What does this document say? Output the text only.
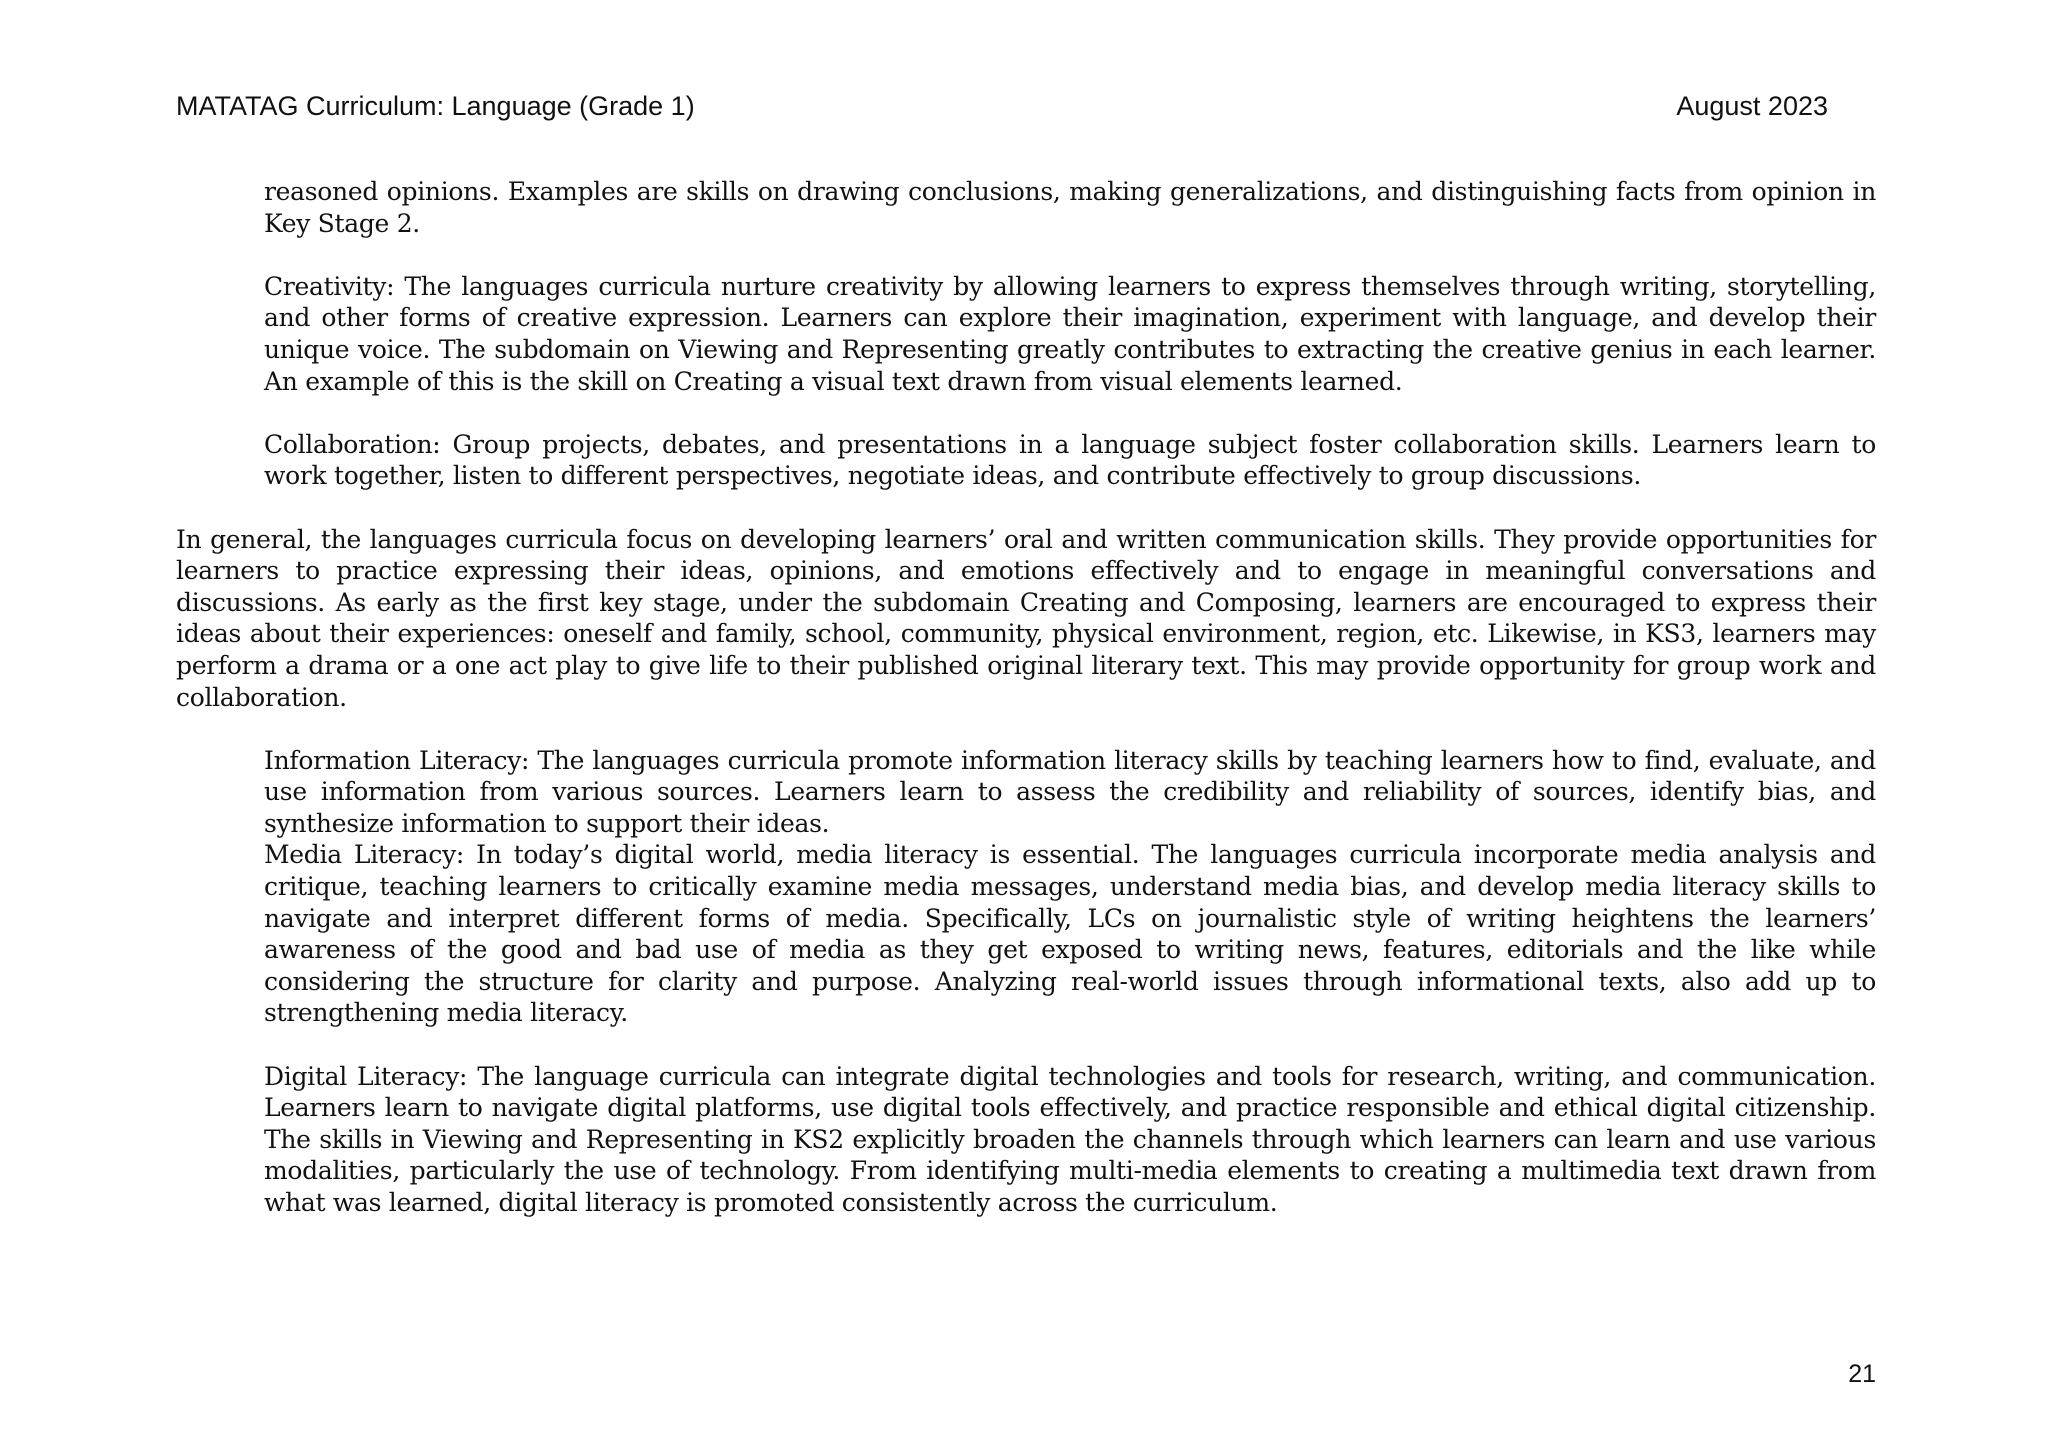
MATATAG Curriculum: Language (Grade 1)	August 2023

reasoned opinions. Examples are skills on drawing conclusions, making generalizations, and distinguishing facts from opinion in Key Stage 2.

Creativity: The languages curricula nurture creativity by allowing learners to express themselves through writing, storytelling, and other forms of creative expression. Learners can explore their imagination, experiment with language, and develop their unique voice. The subdomain on Viewing and Representing greatly contributes to extracting the creative genius in each learner. An example of this is the skill on Creating a visual text drawn from visual elements learned.

Collaboration: Group projects, debates, and presentations in a language subject foster collaboration skills. Learners learn to work together, listen to different perspectives, negotiate ideas, and contribute effectively to group discussions.

In general, the languages curricula focus on developing learners’ oral and written communication skills. They provide opportunities for learners to practice expressing their ideas, opinions, and emotions effectively and to engage in meaningful conversations and discussions. As early as the first key stage, under the subdomain Creating and Composing, learners are encouraged to express their ideas about their experiences: oneself and family, school, community, physical environment, region, etc. Likewise, in KS3, learners may perform a drama or a one act play to give life to their published original literary text. This may provide opportunity for group work and collaboration.

Information Literacy: The languages curricula promote information literacy skills by teaching learners how to find, evaluate, and use information from various sources. Learners learn to assess the credibility and reliability of sources, identify bias, and synthesize information to support their ideas.

Media Literacy: In today’s digital world, media literacy is essential. The languages curricula incorporate media analysis and critique, teaching learners to critically examine media messages, understand media bias, and develop media literacy skills to navigate and interpret different forms of media. Specifically, LCs on journalistic style of writing heightens the learners’ awareness of the good and bad use of media as they get exposed to writing news, features, editorials and the like while considering the structure for clarity and purpose. Analyzing real-world issues through informational texts, also add up to strengthening media literacy.

Digital Literacy: The language curricula can integrate digital technologies and tools for research, writing, and communication. Learners learn to navigate digital platforms, use digital tools effectively, and practice responsible and ethical digital citizenship. The skills in Viewing and Representing in KS2 explicitly broaden the channels through which learners can learn and use various modalities, particularly the use of technology. From identifying multi-media elements to creating a multimedia text drawn from what was learned, digital literacy is promoted consistently across the curriculum.

21
